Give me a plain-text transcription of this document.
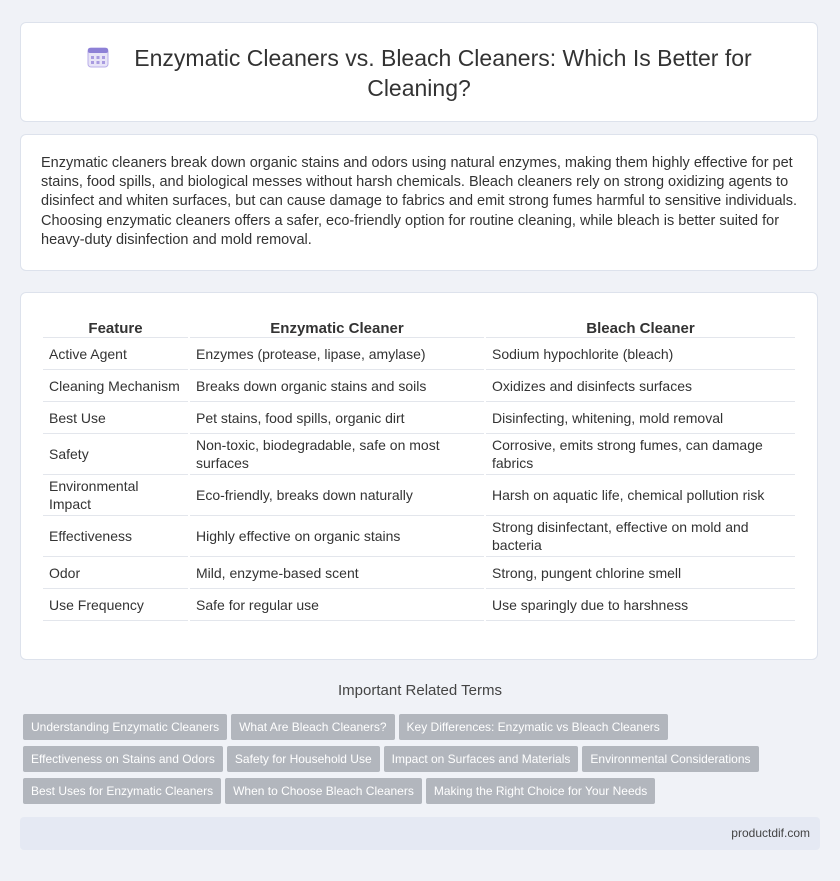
Enzymatic Cleaners vs. Bleach Cleaners: Which Is Better for Cleaning?

Enzymatic cleaners break down organic stains and odors using natural enzymes, making them highly effective for pet stains, food spills, and biological messes without harsh chemicals. Bleach cleaners rely on strong oxidizing agents to disinfect and whiten surfaces, but can cause damage to fabrics and emit strong fumes harmful to sensitive individuals. Choosing enzymatic cleaners offers a safer, eco-friendly option for routine cleaning, while bleach is better suited for heavy-duty disinfection and mold removal.

Feature	Enzymatic Cleaner	Bleach Cleaner
Active Agent	Enzymes (protease, lipase, amylase)	Sodium hypochlorite (bleach)
Cleaning Mechanism	Breaks down organic stains and soils	Oxidizes and disinfects surfaces
Best Use	Pet stains, food spills, organic dirt	Disinfecting, whitening, mold removal
Safety	Non-toxic, biodegradable, safe on most surfaces	Corrosive, emits strong fumes, can damage fabrics
Environmental Impact	Eco-friendly, breaks down naturally	Harsh on aquatic life, chemical pollution risk
Effectiveness	Highly effective on organic stains	Strong disinfectant, effective on mold and bacteria
Odor	Mild, enzyme-based scent	Strong, pungent chlorine smell
Use Frequency	Safe for regular use	Use sparingly due to harshness
Important Related Terms
Understanding Enzymatic Cleaners What Are Bleach Cleaners? Key Differences: Enzymatic vs Bleach Cleaners
Effectiveness on Stains and Odors Safety for Household Use Impact on Surfaces and Materials Environmental Considerations
Best Uses for Enzymatic Cleaners When to Choose Bleach Cleaners Making the Right Choice for Your Needs
productdif.com
